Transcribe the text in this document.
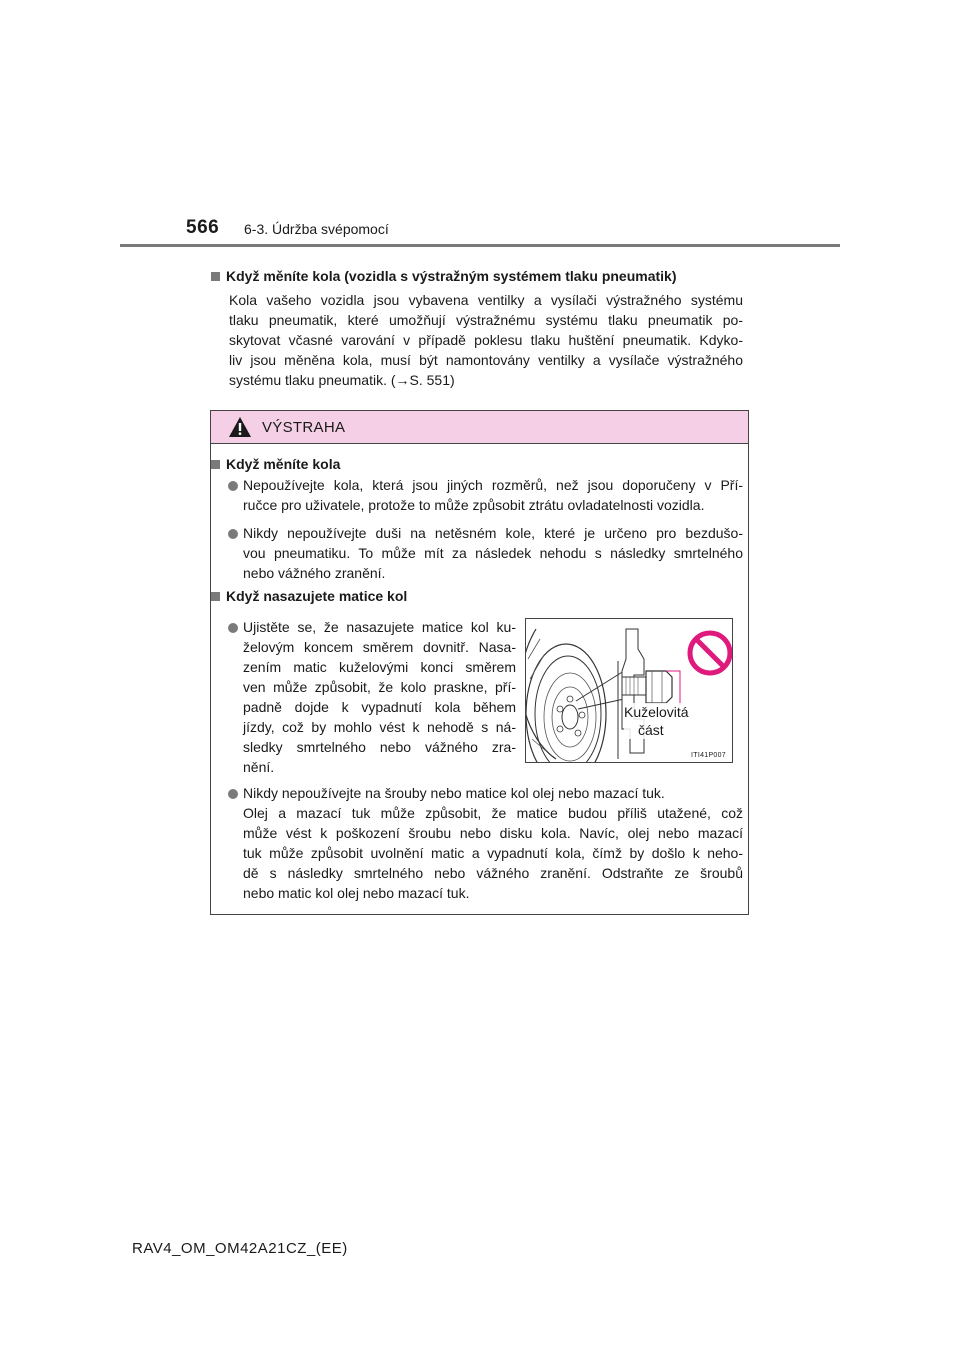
566 6-3. Údržba svépomocí
Když měníte kola (vozidla s výstražným systémem tlaku pneumatik)

Kola vašeho vozidla jsou vybavena ventilky a vysílači výstražného systému

tlaku pneumatik, které umožňují výstražnému systému tlaku pneumatik po-

skytovat včasné varování v případě poklesu tlaku huštění pneumatik. Kdyko-

liv jsou měněna kola, musí být namontovány ventilky a vysílače výstražného

systému tlaku pneumatik. (→S. 551)

VÝSTRAHA
Když měníte kola

Nepoužívejte kola, která jsou jiných rozměrů, než jsou doporučeny v Pří-

ručce pro uživatele, protože to může způsobit ztrátu ovladatelnosti vozidla.

Nikdy nepoužívejte duši na netěsném kole, které je určeno pro bezdušo-

vou pneumatiku. To může mít za následek nehodu s následky smrtelného

nebo vážného zranění.

Když nasazujete matice kol

Ujistěte se, že nasazujete matice kol ku-

želovým koncem směrem dovnitř. Nasa-

zením matic kuželovými konci směrem

ven může způsobit, že kolo praskne, pří-

padně dojde k vypadnutí kola během

jízdy, což by mohlo vést k nehodě s ná-

sledky smrtelného nebo vážného zra-

nění.

Nikdy nepoužívejte na šrouby nebo matice kol olej nebo mazací tuk.

Olej a mazací tuk může způsobit, že matice budou příliš utažené, což

může vést k poškození šroubu nebo disku kola. Navíc, olej nebo mazací

tuk může způsobit uvolnění matic a vypadnutí kola, čímž by došlo k neho-

dě s následky smrtelného nebo vážného zranění. Odstraňte ze šroubů

nebo matic kol olej nebo mazací tuk.

Kuželovitá
část
ITI41P007
RAV4_OM_OM42A21CZ_(EE)
